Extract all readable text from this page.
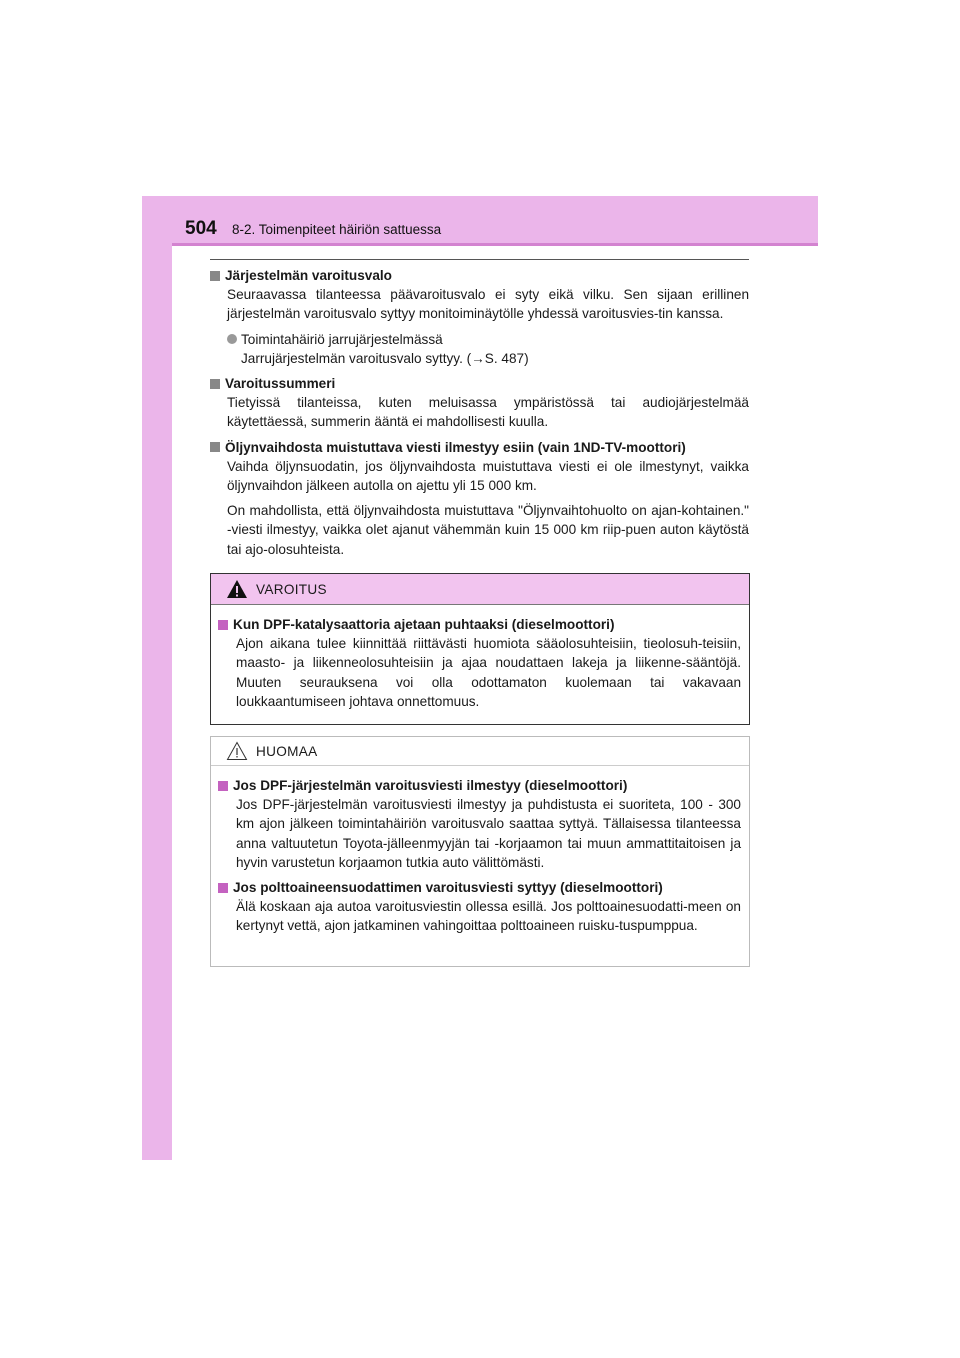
504 8-2. Toimenpiteet häiriön sattuessa
Järjestelmän varoitusvalo

Seuraavassa tilanteessa päävaroitusvalo ei syty eikä vilku. Sen sijaan erillinen järjestelmän varoitusvalo syttyy monitoiminäytölle yhdessä varoitusvies-tin kanssa.

Toimintahäiriö jarrujärjestelmässä
Jarrujärjestelmän varoitusvalo syttyy. (→S. 487)
Varoitussummeri

Tietyissä tilanteissa, kuten meluisassa ympäristössä tai audiojärjestelmää käytettäessä, summerin ääntä ei mahdollisesti kuulla.

Öljynvaihdosta muistuttava viesti ilmestyy esiin (vain 1ND-TV-moottori)

Vaihda öljynsuodatin, jos öljynvaihdosta muistuttava viesti ei ole ilmestynyt, vaikka öljynvaihdon jälkeen autolla on ajettu yli 15 000 km.

On mahdollista, että öljynvaihdosta muistuttava "Öljynvaihtohuolto on ajan-kohtainen." -viesti ilmestyy, vaikka olet ajanut vähemmän kuin 15 000 km riip-puen auton käytöstä tai ajo-olosuhteista.

VAROITUS
Kun DPF-katalysaattoria ajetaan puhtaaksi (dieselmoottori)

Ajon aikana tulee kiinnittää riittävästi huomiota sääolosuhteisiin, tieolosuh-teisiin, maasto- ja liikenneolosuhteisiin ja ajaa noudattaen lakeja ja liikenne-sääntöjä. Muuten seurauksena voi olla odottamaton kuolemaan tai vakavaan loukkaantumiseen johtava onnettomuus.

HUOMAA
Jos DPF-järjestelmän varoitusviesti ilmestyy (dieselmoottori)

Jos DPF-järjestelmän varoitusviesti ilmestyy ja puhdistusta ei suoriteta, 100 - 300 km ajon jälkeen toimintahäiriön varoitusvalo saattaa syttyä. Tällaisessa tilanteessa anna valtuutetun Toyota-jälleenmyyjän tai -korjaamon tai muun ammattitaitoisen ja hyvin varustetun korjaamon tutkia auto välittömästi.

Jos polttoaineensuodattimen varoitusviesti syttyy (dieselmoottori)

Älä koskaan aja autoa varoitusviestin ollessa esillä. Jos polttoainesuodatti-meen on kertynyt vettä, ajon jatkaminen vahingoittaa polttoaineen ruisku-tuspumppua.
